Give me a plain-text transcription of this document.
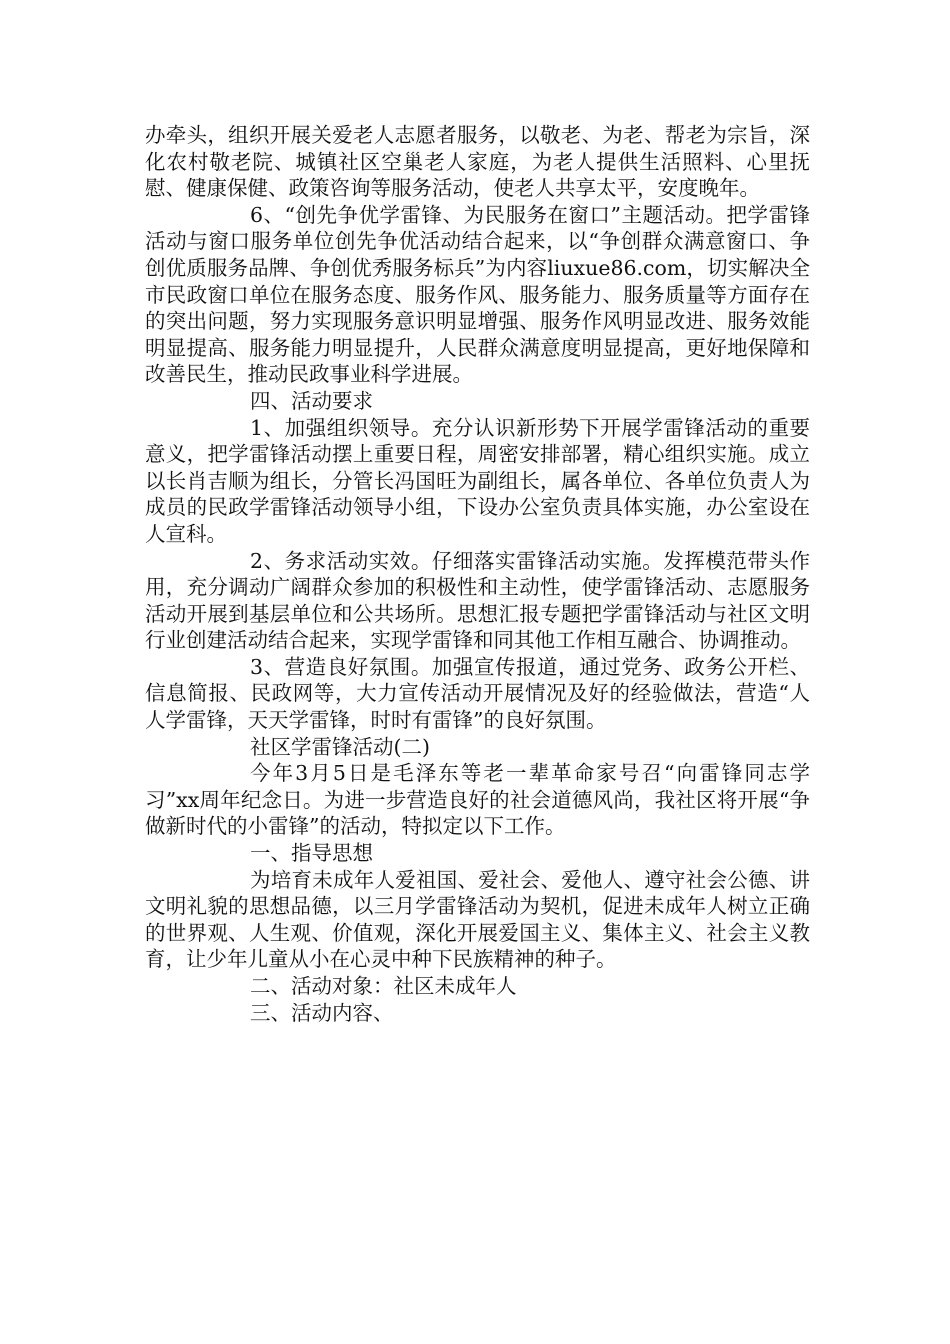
办牵头，组织开展关爱老人志愿者服务，以敬老、为老、帮老为宗旨，深化农村敬老院、城镇社区空巢老人家庭，为老人提供生活照料、心里抚慰、健康保健、政策咨询等服务活动，使老人共享太平，安度晚年。

6、“创先争优学雷锋、为民服务在窗口”主题活动。把学雷锋活动与窗口服务单位创先争优活动结合起来，以“争创群众满意窗口、争创优质服务品牌、争创优秀服务标兵”为内容liuxue86.com，切实解决全市民政窗口单位在服务态度、服务作风、服务能力、服务质量等方面存在的突出问题，努力实现服务意识明显增强、服务作风明显改进、服务效能明显提高、服务能力明显提升，人民群众满意度明显提高，更好地保障和改善民生，推动民政事业科学进展。

四、活动要求

1、加强组织领导。充分认识新形势下开展学雷锋活动的重要意义，把学雷锋活动摆上重要日程，周密安排部署，精心组织实施。成立以长肖吉顺为组长，分管长冯国旺为副组长，属各单位、各单位负责人为成员的民政学雷锋活动领导小组，下设办公室负责具体实施，办公室设在人宣科。

2、务求活动实效。仔细落实雷锋活动实施。发挥模范带头作用，充分调动广阔群众参加的积极性和主动性，使学雷锋活动、志愿服务活动开展到基层单位和公共场所。思想汇报专题把学雷锋活动与社区文明行业创建活动结合起来，实现学雷锋和同其他工作相互融合、协调推动。

3、营造良好氛围。加强宣传报道，通过党务、政务公开栏、信息简报、民政网等，大力宣传活动开展情况及好的经验做法，营造“人人学雷锋，天天学雷锋，时时有雷锋”的良好氛围。

社区学雷锋活动(二)

今年3月5日是毛泽东等老一辈革命家号召“向雷锋同志学习”xx周年纪念日。为进一步营造良好的社会道德风尚，我社区将开展“争做新时代的小雷锋”的活动，特拟定以下工作。

一、指导思想

为培育未成年人爱祖国、爱社会、爱他人、遵守社会公德、讲文明礼貌的思想品德，以三月学雷锋活动为契机，促进未成年人树立正确的世界观、人生观、价值观，深化开展爱国主义、集体主义、社会主义教育，让少年儿童从小在心灵中种下民族精神的种子。

二、活动对象：社区未成年人

三、活动内容、
